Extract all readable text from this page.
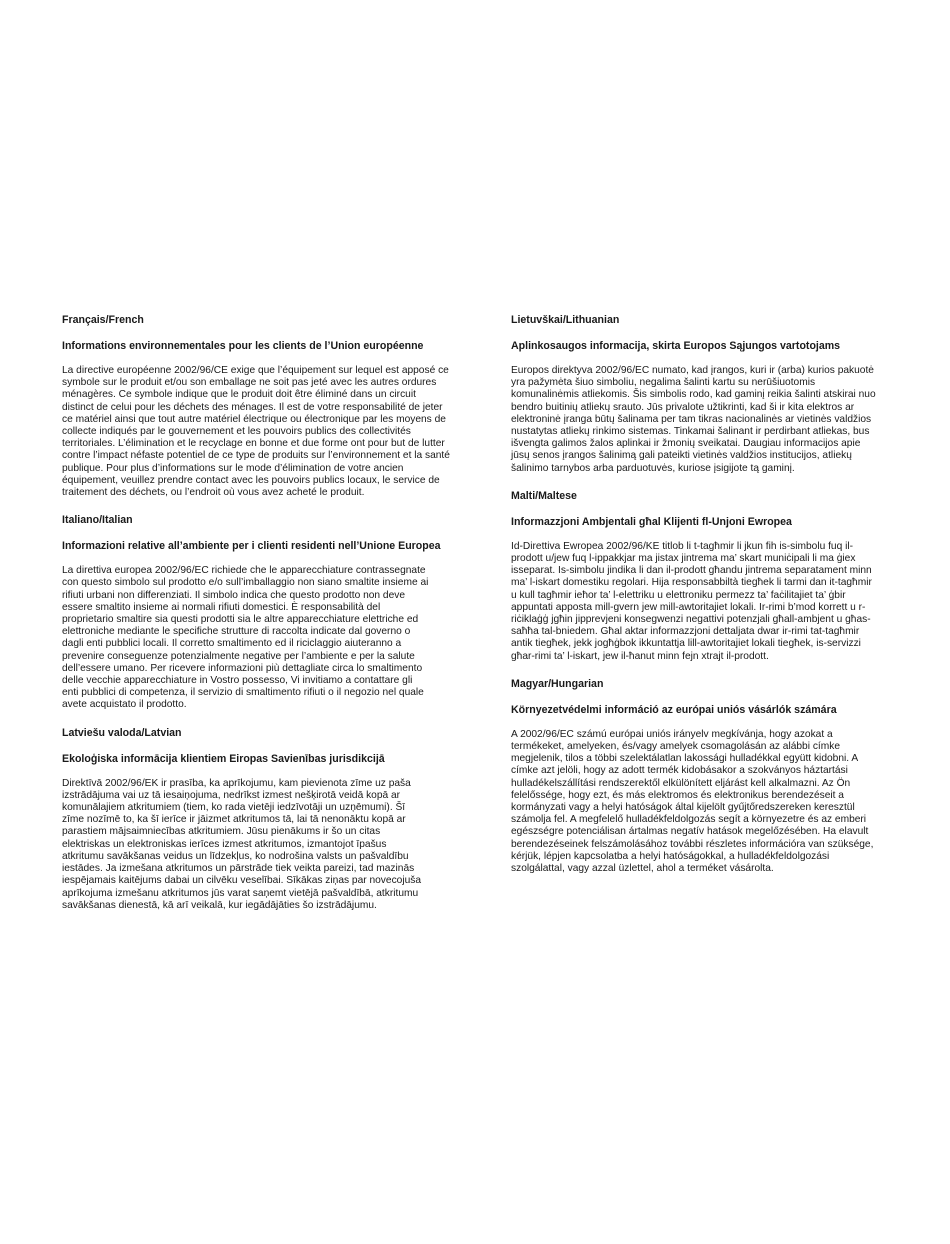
Français/French

Informations environnementales pour les clients de l’Union européenne

La directive européenne 2002/96/CE exige que l’équipement sur lequel est apposé ce
symbole sur le produit et/ou son emballage ne soit pas jeté avec les autres ordures
ménagères. Ce symbole indique que le produit doit être éliminé dans un circuit
distinct de celui pour les déchets des ménages. Il est de votre responsabilité de jeter
ce matériel ainsi que tout autre matériel électrique ou électronique par les moyens de
collecte indiqués par le gouvernement et les pouvoirs publics des collectivités
territoriales. L’élimination et le recyclage en bonne et due forme ont pour but de lutter
contre l’impact néfaste potentiel de ce type de produits sur l’environnement et la santé
publique. Pour plus d’informations sur le mode d’élimination de votre ancien
équipement, veuillez prendre contact avec les pouvoirs publics locaux, le service de
traitement des déchets, ou l’endroit où vous avez acheté le produit.

Italiano/Italian

Informazioni relative all’ambiente per i clienti residenti nell’Unione Europea

La direttiva europea 2002/96/EC richiede che le apparecchiature contrassegnate
con questo simbolo sul prodotto e/o sull’imballaggio non siano smaltite insieme ai
rifiuti urbani non differenziati. Il simbolo indica che questo prodotto non deve
essere smaltito insieme ai normali rifiuti domestici. È responsabilità del
proprietario smaltire sia questi prodotti sia le altre apparecchiature elettriche ed
elettroniche mediante le specifiche strutture di raccolta indicate dal governo o
dagli enti pubblici locali. Il corretto smaltimento ed il riciclaggio aiuteranno a
prevenire conseguenze potenzialmente negative per l’ambiente e per la salute
dell’essere umano. Per ricevere informazioni più dettagliate circa lo smaltimento
delle vecchie apparecchiature in Vostro possesso, Vi invitiamo a contattare gli
enti pubblici di competenza, il servizio di smaltimento rifiuti o il negozio nel quale
avete acquistato il prodotto.

Latviešu valoda/Latvian

Ekoloģiska informācija klientiem Eiropas Savienības jurisdikcijā

Direktīvā 2002/96/EK ir prasība, ka aprīkojumu, kam pievienota zīme uz paša
izstrādājuma vai uz tā iesaiņojuma, nedrīkst izmest nešķirotā veidā kopā ar
komunālajiem atkritumiem (tiem, ko rada vietēji iedzīvotāji un uzņēmumi). Šī
zīme nozīmē to, ka šī ierīce ir jāizmet atkritumos tā, lai tā nenonāktu kopā ar
parastiem mājsaimniecības atkritumiem. Jūsu pienākums ir šo un citas
elektriskas un elektroniskas ierīces izmest atkritumos, izmantojot īpašus
atkritumu savākšanas veidus un līdzekļus, ko nodrošina valsts un pašvaldību
iestādes. Ja izmešana atkritumos un pārstrāde tiek veikta pareizi, tad mazinās
iespējamais kaitējums dabai un cilvēku veselībai. Sīkākas ziņas par novecojuša
aprīkojuma izmešanu atkritumos jūs varat saņemt vietējā pašvaldībā, atkritumu
savākšanas dienestā, kā arī veikalā, kur iegādājāties šo izstrādājumu.

Lietuvškai/Lithuanian

Aplinkosaugos informacija, skirta Europos Sąjungos vartotojams

Europos direktyva 2002/96/EC numato, kad įrangos, kuri ir (arba) kurios pakuotė
yra pažymėta šiuo simboliu, negalima šalinti kartu su nerūšiuotomis
komunalinėmis atliekomis. Šis simbolis rodo, kad gaminį reikia šalinti atskirai nuo
bendro buitinių atliekų srauto. Jūs privalote užtikrinti, kad ši ir kita elektros ar
elektroninė įranga būtų šalinama per tam tikras nacionalinės ar vietinės valdžios
nustatytas atliekų rinkimo sistemas. Tinkamai šalinant ir perdirbant atliekas, bus
išvengta galimos žalos aplinkai ir žmonių sveikatai. Daugiau informacijos apie
jūsų senos įrangos šalinimą gali pateikti vietinės valdžios institucijos, atliekų
šalinimo tarnybos arba parduotuvės, kuriose įsigijote tą gaminį.

Malti/Maltese

Informazzjoni Ambjentali għal Klijenti fl-Unjoni Ewropea

Id-Direttiva Ewropea 2002/96/KE titlob li t-tagħmir li jkun fih is-simbolu fuq il-
prodott u/jew fuq l-ippakkjar ma jistax jintrema ma’ skart muniċipali li ma ġiex
isseparat. Is-simbolu jindika li dan il-prodott għandu jintrema separatament minn
ma’ l-iskart domestiku regolari. Hija responsabbiltà tiegħek li tarmi dan it-tagħmir
u kull tagħmir ieħor ta’ l-elettriku u elettroniku permezz ta’ faċilitajiet ta’ ġbir
appuntati apposta mill-gvern jew mill-awtoritajiet lokali. Ir-rimi b’mod korrett u r-
riċiklaġġ jgħin jipprevjeni konsegwenzi negattivi potenzjali għall-ambjent u għas-
saħħa tal-bniedem. Għal aktar informazzjoni dettaljata dwar ir-rimi tat-tagħmir
antik tiegħek, jekk jogħġbok ikkuntattja lill-awtoritajiet lokali tiegħek, is-servizzi
għar-rimi ta’ l-iskart, jew il-ħanut minn fejn xtrajt il-prodott.

Magyar/Hungarian

Környezetvédelmi információ az európai uniós vásárlók számára

A 2002/96/EC számú európai uniós irányelv megkívánja, hogy azokat a
termékeket, amelyeken, és/vagy amelyek csomagolásán az alábbi címke
megjelenik, tilos a többi szelektálatlan lakossági hulladékkal együtt kidobni. A
címke azt jelöli, hogy az adott termék kidobásakor a szokványos háztartási
hulladékelszállítási rendszerektől elkülönített eljárást kell alkalmazni. Az Ön
felelőssége, hogy ezt, és más elektromos és elektronikus berendezéseit a
kormányzati vagy a helyi hatóságok által kijelölt gyűjtőredszereken keresztül
számolja fel. A megfelelő hulladékfeldolgozás segít a környezetre és az emberi
egészségre potenciálisan ártalmas negatív hatások megelőzésében. Ha elavult
berendezéseinek felszámolásához további részletes információra van szüksége,
kérjük, lépjen kapcsolatba a helyi hatóságokkal, a hulladékfeldolgozási
szolgálattal, vagy azzal üzlettel, ahol a terméket vásárolta.
